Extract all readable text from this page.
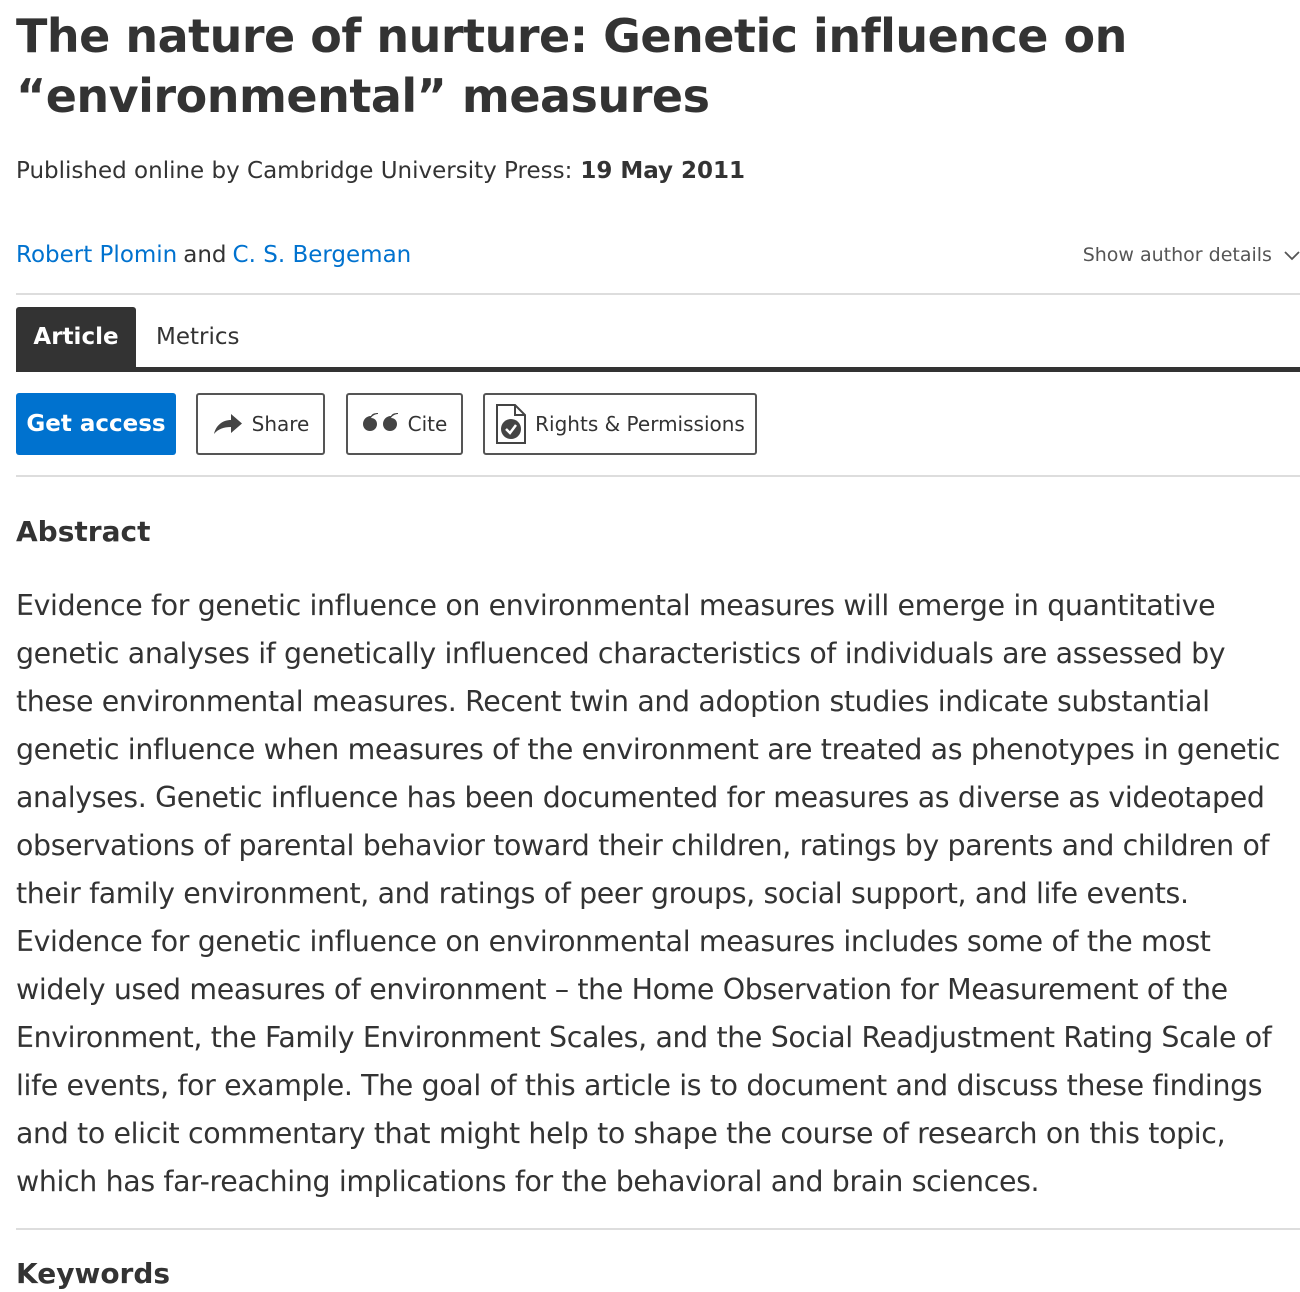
The nature of nurture: Genetic influence on “environmental” measures
Published online by Cambridge University Press: 19 May 2011
Robert Plomin and C. S. Bergeman	Show author details
Article	Metrics
Get access	Share	Cite	Rights & Permissions
Abstract

Evidence for genetic influence on environmental measures will emerge in quantitative genetic analyses if genetically influenced characteristics of individuals are assessed by these environmental measures. Recent twin and adoption studies indicate substantial genetic influence when measures of the environment are treated as phenotypes in genetic analyses. Genetic influence has been documented for measures as diverse as videotaped observations of parental behavior toward their children, ratings by parents and children of their family environment, and ratings of peer groups, social support, and life events. Evidence for genetic influence on environmental measures includes some of the most widely used measures of environment – the Home Observation for Measurement of the Environment, the Family Environment Scales, and the Social Readjustment Rating Scale of life events, for example. The goal of this article is to document and discuss these findings and to elicit commentary that might help to shape the course of research on this topic, which has far-reaching implications for the behavioral and brain sciences.

Keywords
